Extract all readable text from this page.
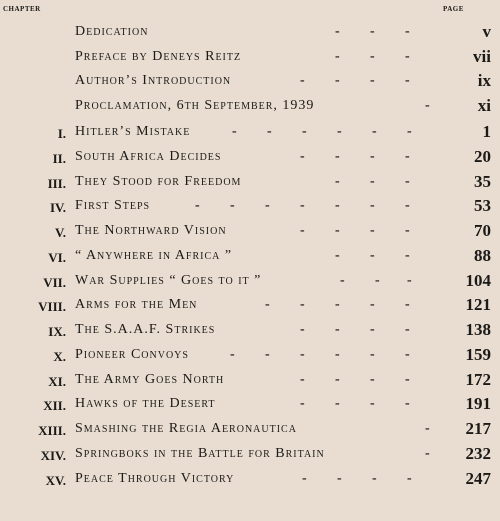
CHAPTER	PAGE
Dedication	- - -	v
Preface by Deneys Reitz	- - -	vii
Author’s Introduction	- - - -	ix
Proclamation, 6th September, 1939	-	xi
I. Hitler’s Mistake	- - - - - -	1
II. South Africa Decides	- - - -	20
III. They Stood for Freedom	- - -	35
IV. First Steps	- - - - - - -	53
V. The Northward Vision	- - - -	70
VI. “ Anywhere in Africa ”	- - -	88
VII. War Supplies “ Goes to it ”	- - -	104
VIII. Arms for the Men	- - - - -	121
IX. The S.A.A.F. Strikes	- - - -	138
X. Pioneer Convoys	- - - - - -	159
XI. The Army Goes North	- - - -	172
XII. Hawks of the Desert	- - - -	191
XIII. Smashing the Regia Aeronautica	- 217
XIV. Springboks in the Battle for Britain	- 232
XV. Peace Through Victory	- - - -	247
